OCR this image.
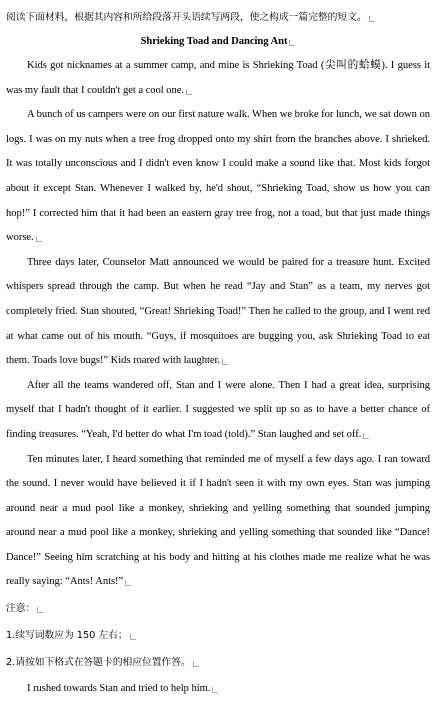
阅读下面材料，根据其内容和所给段落开头语续写两段，使之构成一篇完整的短文。

Shrieking Toad and Dancing Ant

Kids got nicknames at a summer camp, and mine is Shrieking Toad (尖叫的蛤蟆). I guess it was my fault that I couldn't get a cool one.

A bunch of us campers were on our first nature walk. When we broke for lunch, we sat down on logs. I was on my nuts when a tree frog dropped onto my shirt from the branches above. I shrieked. It was totally unconscious and I didn't even know I could make a sound like that. Most kids forgot about it except Stan. Whenever I walked by, he'd shout, “Shrieking Toad, show us how you can hop!” I corrected him that it had been an eastern gray tree frog, not a toad, but that just made things worse.

Three days later, Counselor Matt announced we would be paired for a treasure hunt. Excited whispers spread through the camp. But when he read “Jay and Stan” as a team, my nerves got completely fried. Stan shouted, “Great! Shrieking Toad!” Then he called to the group, and I went red at what came out of his mouth. “Guys, if mosquitoes are bugging you, ask Shrieking Toad to eat them. Toads love bugs!” Kids roared with laughter.

After all the teams wandered off, Stan and I were alone. Then I had a great idea, surprising myself that I hadn't thought of it earlier. I suggested we split up so as to have a better chance of finding treasures. “Yeah, I'd better do what I'm toad (told).” Stan laughed and set off.

Ten minutes later, I heard something that reminded me of myself a few days ago. I ran toward the sound. I never would have believed it if I hadn't seen it with my own eyes. Stan was jumping around near a mud pool like a monkey, shrieking and yelling something that sounded jumping around near a mud pool like a monkey, shrieking and yelling something that sounded like “Dance! Dance!” Seeing him scratching at his body and hitting at his clothes made me realize what he was really saying: “Ants! Ants!”

注意：

1.续写词数应为 150 左右；

2.请按如下格式在答题卡的相应位置作答。

I rushed towards Stan and tried to help him.
